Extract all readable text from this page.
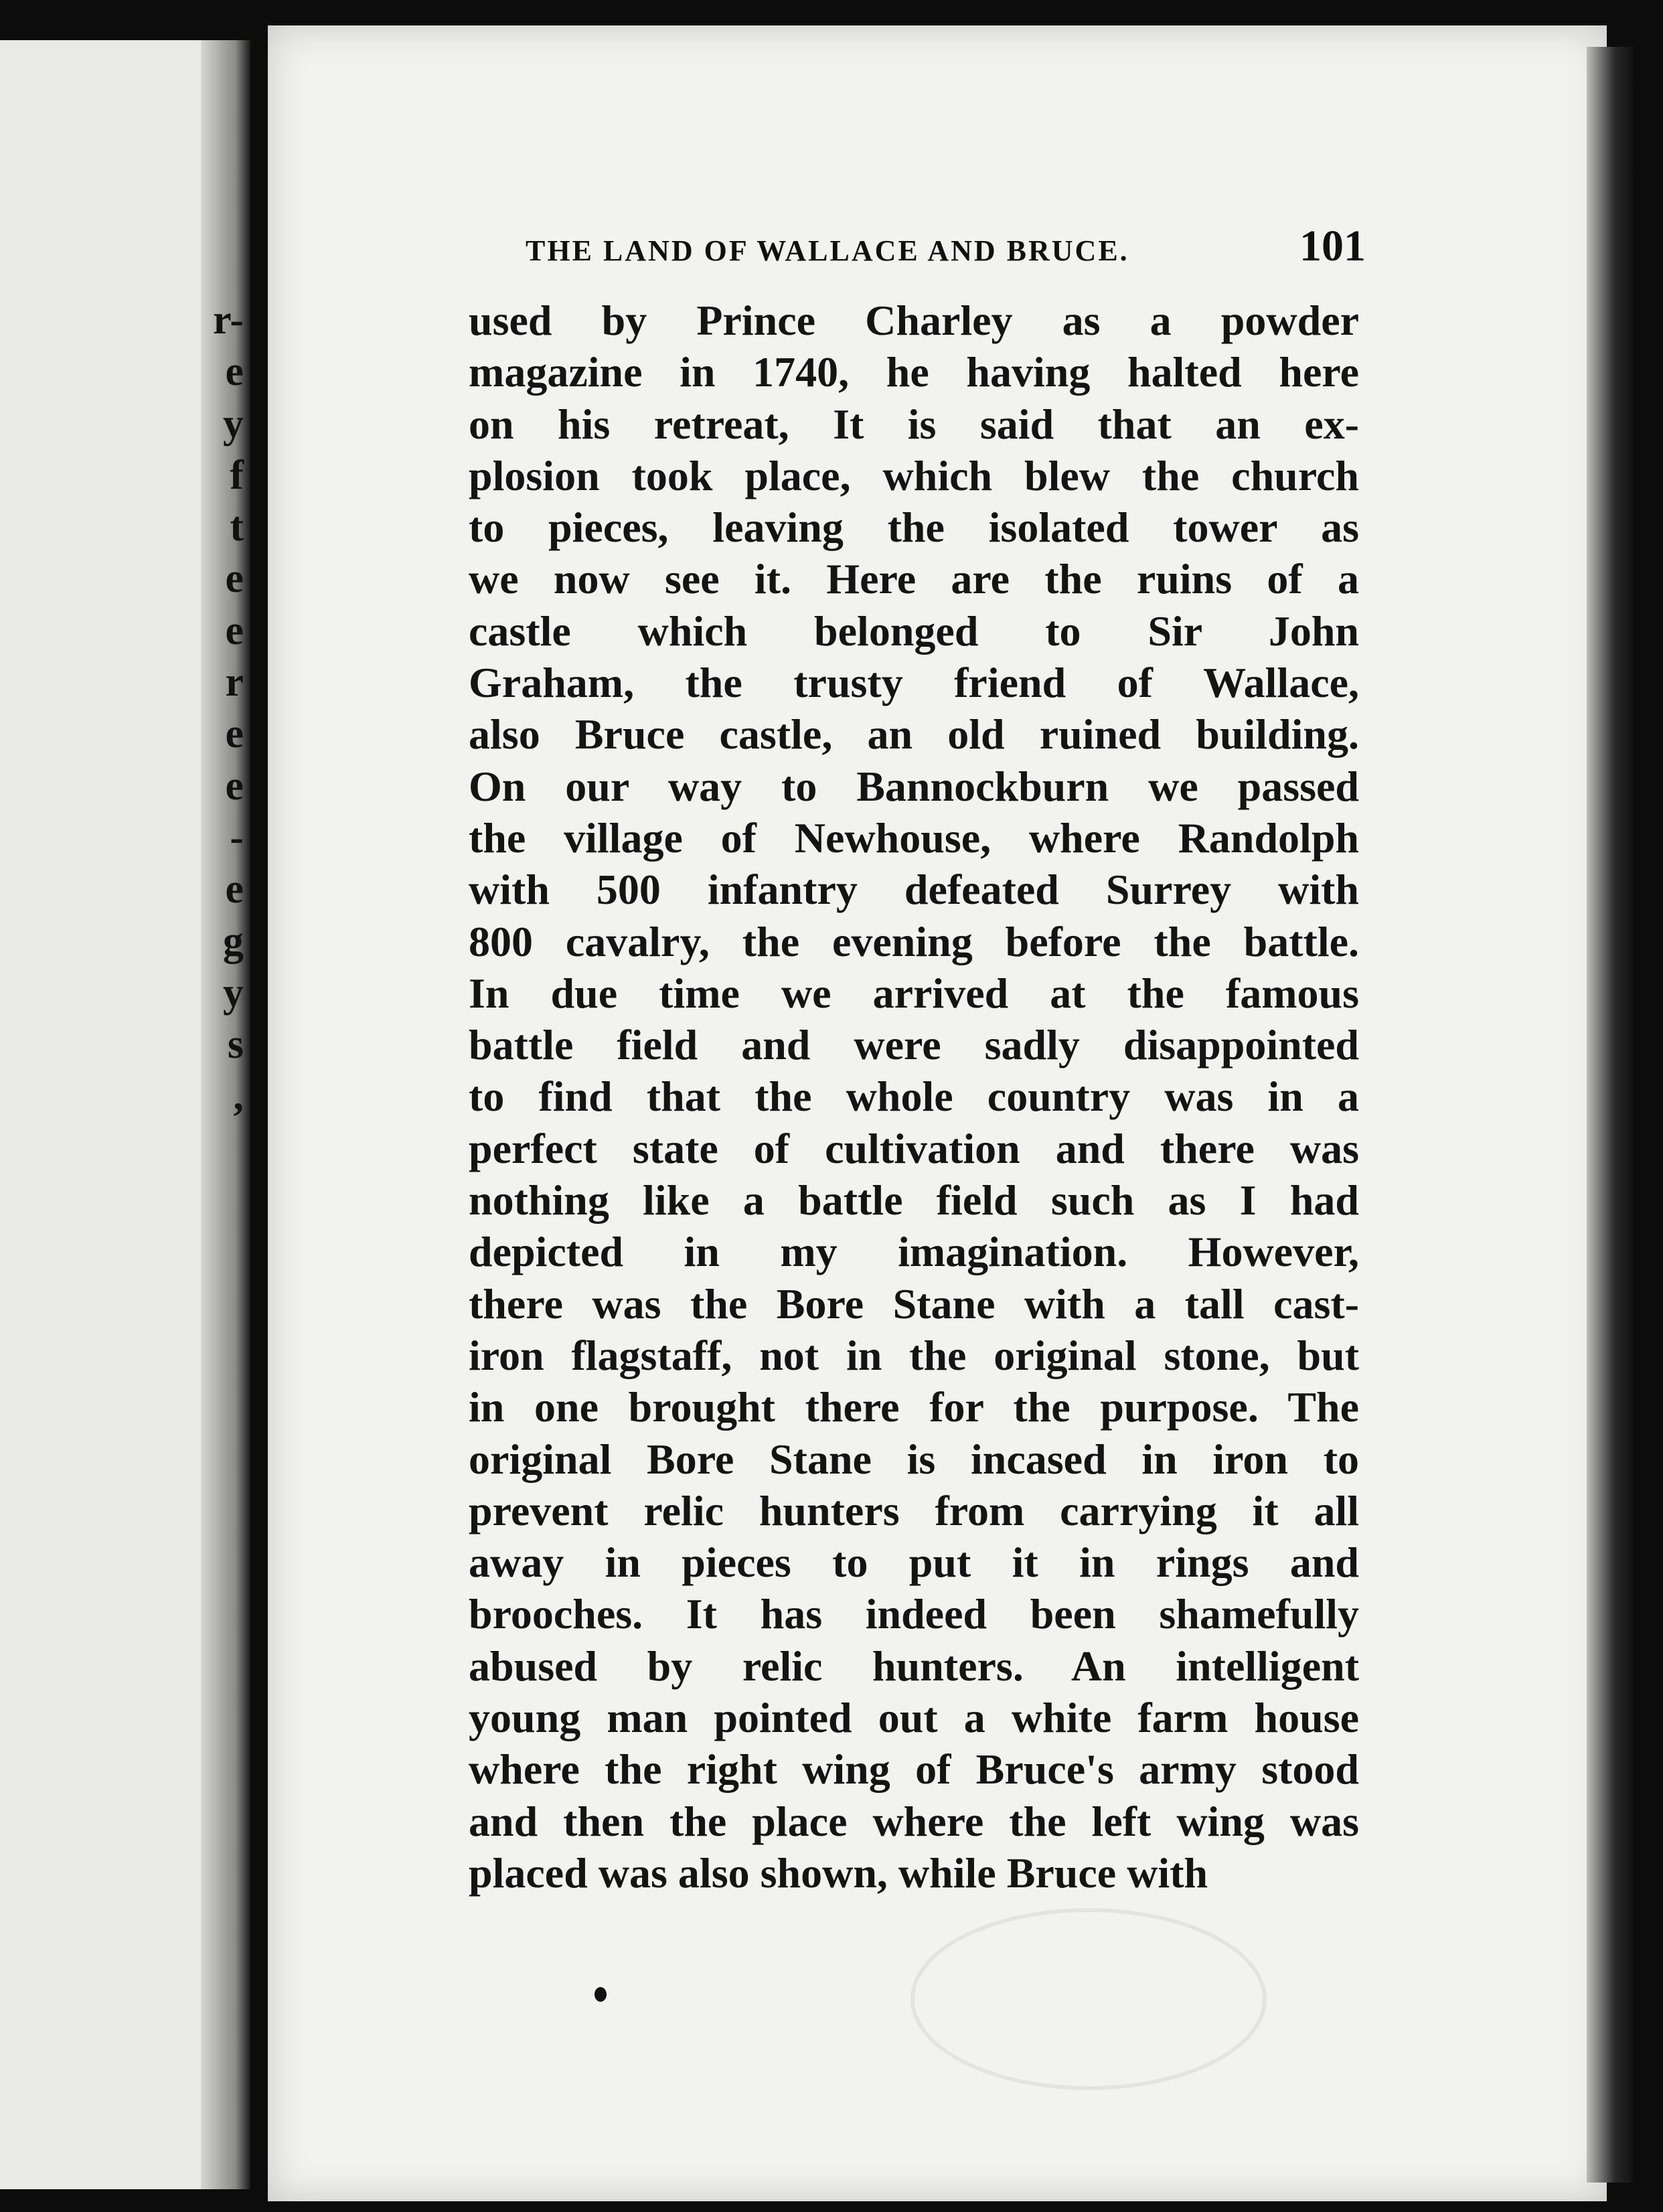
r-
e
y
f
t
e
e
r
e
e
-
e
g
y
s
,
THE LAND OF WALLACE AND BRUCE.	101
used by Prince Charley as a powder
magazine in 1740, he having halted here
on his retreat, It is said that an ex-
plosion took place, which blew the church
to pieces, leaving the isolated tower as
we now see it. Here are the ruins of a
castle which belonged to Sir John
Graham, the trusty friend of Wallace,
also Bruce castle, an old ruined building.
On our way to Bannockburn we passed
the village of Newhouse, where Randolph
with 500 infantry defeated Surrey with
800 cavalry, the evening before the battle.
In due time we arrived at the famous
battle field and were sadly disappointed
to find that the whole country was in a
perfect state of cultivation and there was
nothing like a battle field such as I had
depicted in my imagination. However,
there was the Bore Stane with a tall cast-
iron flagstaff, not in the original stone, but
in one brought there for the purpose. The
original Bore Stane is incased in iron to
prevent relic hunters from carrying it all
away in pieces to put it in rings and
brooches. It has indeed been shamefully
abused by relic hunters. An intelligent
young man pointed out a white farm house
where the right wing of Bruce's army stood
and then the place where the left wing was
placed was also shown, while Bruce with
